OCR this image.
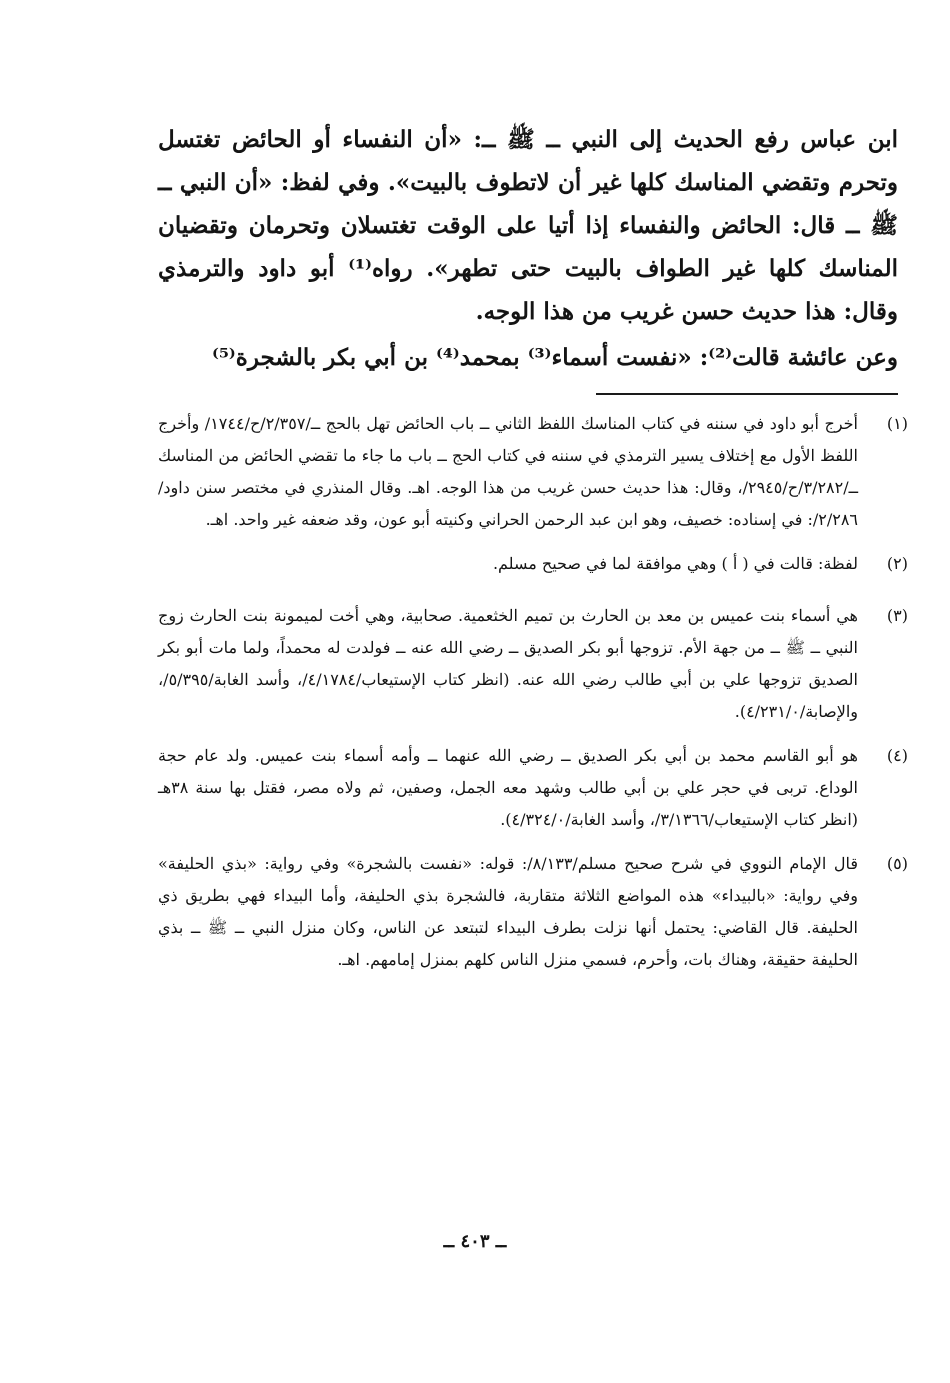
ابن عباس رفع الحديث إلى النبي ــ ﷺ ــ: «أن النفساء أو الحائض تغتسل وتحرم وتقضي المناسك كلها غير أن لاتطوف بالبيت». وفي لفظ: «أن النبي ــ ﷺ ــ قال: الحائض والنفساء إذا أتيا على الوقت تغتسلان وتحرمان وتقضيان المناسك كلها غير الطواف بالبيت حتى تطهر». رواه⁽¹⁾ أبو داود والترمذي وقال: هذا حديث حسن غريب من هذا الوجه.

وعن عائشة قالت⁽²⁾: «نفست أسماء⁽³⁾ بمحمد⁽⁴⁾ بن أبي بكر بالشجرة⁽⁵⁾

(١)
أخرج أبو داود في سننه في كتاب المناسك اللفظ الثاني ــ باب الحائض تهل بالحج ــ/٢/٣٥٧/ح/١٧٤٤/ وأخرج اللفظ الأول مع إختلاف يسير الترمذي في سننه في كتاب الحج ــ باب ما جاء ما تقضي الحائض من المناسك ــ/٣/٢٨٢/ح/٢٩٤٥/، وقال: هذا حديث حسن غريب من هذا الوجه. اهـ. وقال المنذري في مختصر سنن داود/٢/٢٨٦/: في إسناده: خصيف، وهو ابن عبد الرحمن الحراني وكنيته أبو عون، وقد ضعفه غير واحد. اهـ.
(٢)
لفظة: قالت في ( أ ) وهي موافقة لما في صحيح مسلم.
(٣)
هي أسماء بنت عميس بن معد بن الحارث بن تميم الخثعمية. صحابية، وهي أخت لميمونة بنت الحارث زوج النبي ــ ﷺ ــ من جهة الأم. تزوجها أبو بكر الصديق ــ رضي الله عنه ــ فولدت له محمداً، ولما مات أبو بكر الصديق تزوجها علي بن أبي طالب رضي الله عنه. (انظر كتاب الإستيعاب/٤/١٧٨٤/، وأسد الغابة/٥/٣٩٥/، والإصابة/٤/٢٣١/٠).
(٤)
هو أبو القاسم محمد بن أبي بكر الصديق ــ رضي الله عنهما ــ وأمه أسماء بنت عميس. ولد عام حجة الوداع. تربى في حجر علي بن أبي طالب وشهد معه الجمل، وصفين، ثم ولاه مصر، فقتل بها سنة ٣٨هـ (انظر كتاب الإستيعاب/٣/١٣٦٦/، وأسد الغابة/٤/٣٢٤/٠).
(٥)
قال الإمام النووي في شرح صحيح مسلم/٨/١٣٣/: قوله: «نفست بالشجرة» وفي رواية: «بذي الحليفة» وفي رواية: «بالبيداء» هذه المواضع الثلاثة متقاربة، فالشجرة بذي الحليفة، وأما البيداء فهي بطريق ذي الحليفة. قال القاضي: يحتمل أنها نزلت بطرف البيداء لتبتعد عن الناس، وكان منزل النبي ــ ﷺ ــ بذي الحليفة حقيقة، وهناك بات، وأحرم، فسمي منزل الناس كلهم بمنزل إمامهم. اهـ.
ــ ٤٠٣ ــ
